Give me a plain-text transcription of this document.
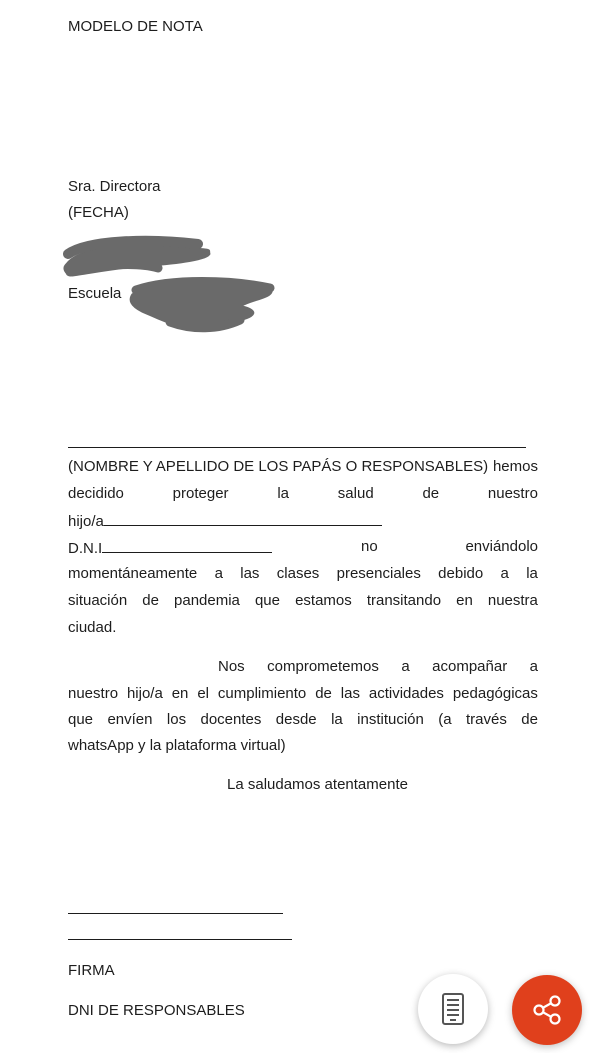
MODELO DE NOTA
Sra. Directora
(FECHA)
Escuela
(NOMBRE Y APELLIDO DE LOS PAPÁS O RESPONSABLES) hemos
decidido	proteger	la	salud	de	nuestro
hijo/a
D.N.I	no	enviándolo
momentáneamente a las clases presenciales debido a la
situación de pandemia que estamos transitando en nuestra
ciudad.
Nos comprometemos a acompañar a
nuestro hijo/a en el cumplimiento de las actividades pedagógicas
que envíen los docentes desde la institución (a través de
whatsApp y la plataforma virtual)
La saludamos atentamente
FIRMA
DNI DE RESPONSABLES
